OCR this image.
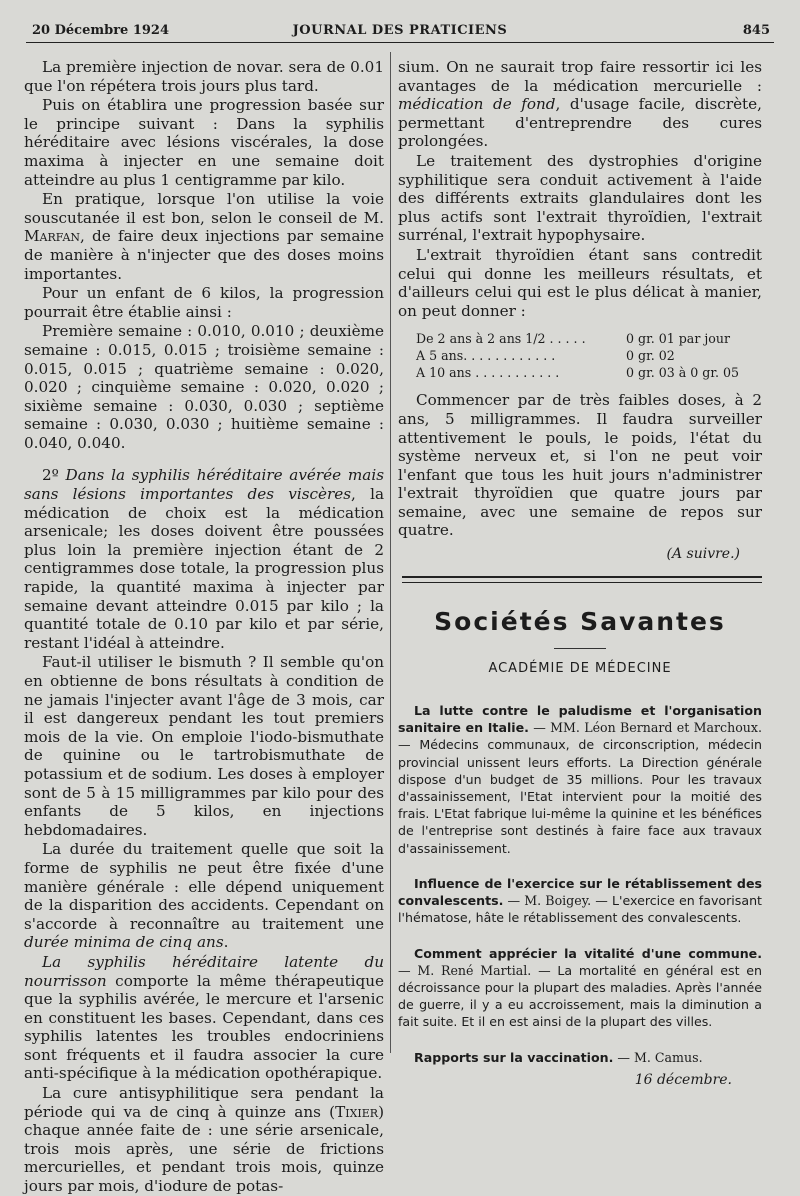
20 Décembre 1924	JOURNAL DES PRATICIENS	845

La première injection de novar. sera de 0.01 que l'on répétera trois jours plus tard.

Puis on établira une progression basée sur le principe suivant : Dans la syphilis héréditaire avec lésions viscérales, la dose maxima à injecter en une semaine doit atteindre au plus 1 centigramme par kilo.

En pratique, lorsque l'on utilise la voie souscutanée il est bon, selon le conseil de M. Marfan, de faire deux injections par semaine de manière à n'injecter que des doses moins importantes.

Pour un enfant de 6 kilos, la progression pourrait être établie ainsi :

Première semaine : 0.010, 0.010 ; deuxième semaine : 0.015, 0.015 ; troisième semaine : 0.015, 0.015 ; quatrième semaine : 0.020, 0.020 ; cinquième semaine : 0.020, 0.020 ; sixième semaine : 0.030, 0.030 ; septième semaine : 0.030, 0.030 ; huitième semaine : 0.040, 0.040.

2º Dans la syphilis héréditaire avérée mais sans lésions importantes des viscères, la médication de choix est la médication arsenicale; les doses doivent être poussées plus loin la première injection étant de 2 centigrammes dose totale, la progression plus rapide, la quantité maxima à injecter par semaine devant atteindre 0.015 par kilo ; la quantité totale de 0.10 par kilo et par série, restant l'idéal à atteindre.

Faut-il utiliser le bismuth ? Il semble qu'on en obtienne de bons résultats à condition de ne jamais l'injecter avant l'âge de 3 mois, car il est dangereux pendant les tout premiers mois de la vie. On emploie l'iodo-bismuthate de quinine ou le tartrobismuthate de potassium et de sodium. Les doses à employer sont de 5 à 15 milligrammes par kilo pour des enfants de 5 kilos, en injections hebdomadaires.

La durée du traitement quelle que soit la forme de syphilis ne peut être fixée d'une manière générale : elle dépend uniquement de la disparition des accidents. Cependant on s'accorde à reconnaître au traitement une durée minima de cinq ans.

La syphilis héréditaire latente du nourrisson comporte la même thérapeutique que la syphilis avérée, le mercure et l'arsenic en constituent les bases. Cependant, dans ces syphilis latentes les troubles endocriniens sont fréquents et il faudra associer la cure anti-spécifique à la médication opothérapique.

La cure antisyphilitique sera pendant la période qui va de cinq à quinze ans (Tixier) chaque année faite de : une série arsenicale, trois mois après, une série de frictions mercurielles, et pendant trois mois, quinze jours par mois, d'iodure de potas-

sium. On ne saurait trop faire ressortir ici les avantages de la médication mercurielle : médication de fond, d'usage facile, discrète, permettant d'entreprendre des cures prolongées.

Le traitement des dystrophies d'origine syphilitique sera conduit activement à l'aide des différents extraits glandulaires dont les plus actifs sont l'extrait thyroïdien, l'extrait surrénal, l'extrait hypophysaire.

L'extrait thyroïdien étant sans contredit celui qui donne les meilleurs résultats, et d'ailleurs celui qui est le plus délicat à manier, on peut donner :

De 2 ans à 2 ans 1/2 . . . . .	0 gr. 01 par jour
A 5 ans. . . . . . . . . . . .	0 gr. 02
A 10 ans . . . . . . . . . . .	0 gr. 03 à 0 gr. 05

Commencer par de très faibles doses, à 2 ans, 5 milligrammes. Il faudra surveiller attentivement le pouls, le poids, l'état du système nerveux et, si l'on ne peut voir l'enfant que tous les huit jours n'administrer l'extrait thyroïdien que quatre jours par semaine, avec une semaine de repos sur quatre.

(A suivre.)

Sociétés Savantes
ACADÉMIE DE MÉDECINE

La lutte contre le paludisme et l'organisation sanitaire en Italie. — MM. Léon Bernard et Marchoux. — Médecins communaux, de circonscription, médecin provincial unissent leurs efforts. La Direction générale dispose d'un budget de 35 millions. Pour les travaux d'assainissement, l'Etat intervient pour la moitié des frais. L'Etat fabrique lui-même la quinine et les bénéfices de l'entreprise sont destinés à faire face aux travaux d'assainissement.

Influence de l'exercice sur le rétablissement des convalescents. — M. Boigey. — L'exercice en favorisant l'hématose, hâte le rétablissement des convalescents.

Comment apprécier la vitalité d'une commune. — M. René Martial. — La mortalité en général est en décroissance pour la plupart des maladies. Après l'année de guerre, il y a eu accroissement, mais la diminution a fait suite. Et il en est ainsi de la plupart des villes.

Rapports sur la vaccination. — M. Camus.

16 décembre.
